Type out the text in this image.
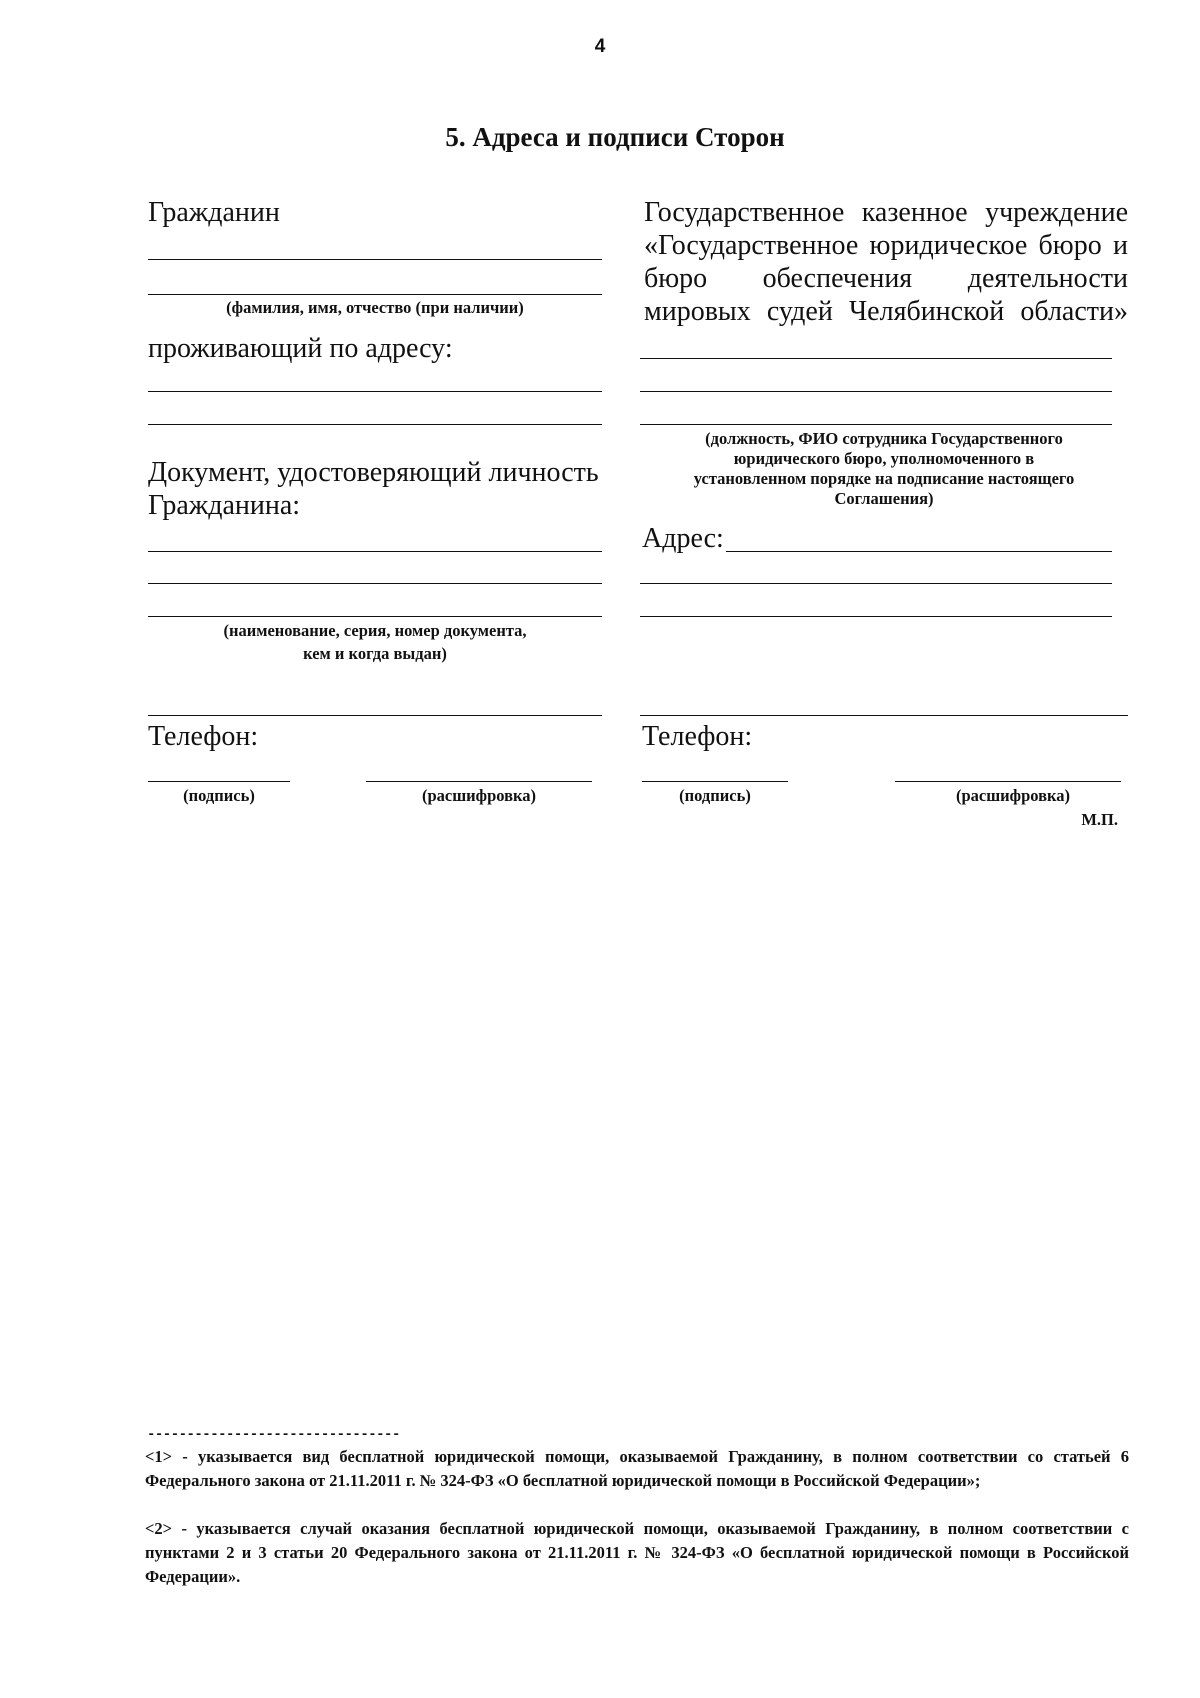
4
5. Адреса и подписи Сторон
Гражданин
(фамилия, имя, отчество (при наличии)
проживающий по адресу:
Документ, удостоверяющий личность
Гражданина:
(наименование, серия, номер документа,
кем и когда выдан)
Телефон:
(подпись)	(расшифровка)
Государственное казенное учреждение
«Государственное юридическое бюро и
бюро обеспечения деятельности
мировых судей Челябинской области»
(должность, ФИО сотрудника Государственного
юридического бюро, уполномоченного в
установленном порядке на подписание настоящего
Соглашения)
Адрес:
Телефон:
(подпись)	(расшифровка)
М.П.
--------------------------------
<1> - указывается вид бесплатной юридической помощи, оказываемой Гражданину, в полном соответствии со статьей 6 Федерального закона от 21.11.2011 г. № 324-ФЗ «О бесплатной юридической помощи в Российской Федерации»;
<2> - указывается случай оказания бесплатной юридической помощи, оказываемой Гражданину, в полном соответствии с пунктами 2 и 3 статьи 20 Федерального закона от 21.11.2011 г. № 324-ФЗ «О бесплатной юридической помощи в Российской Федерации».
